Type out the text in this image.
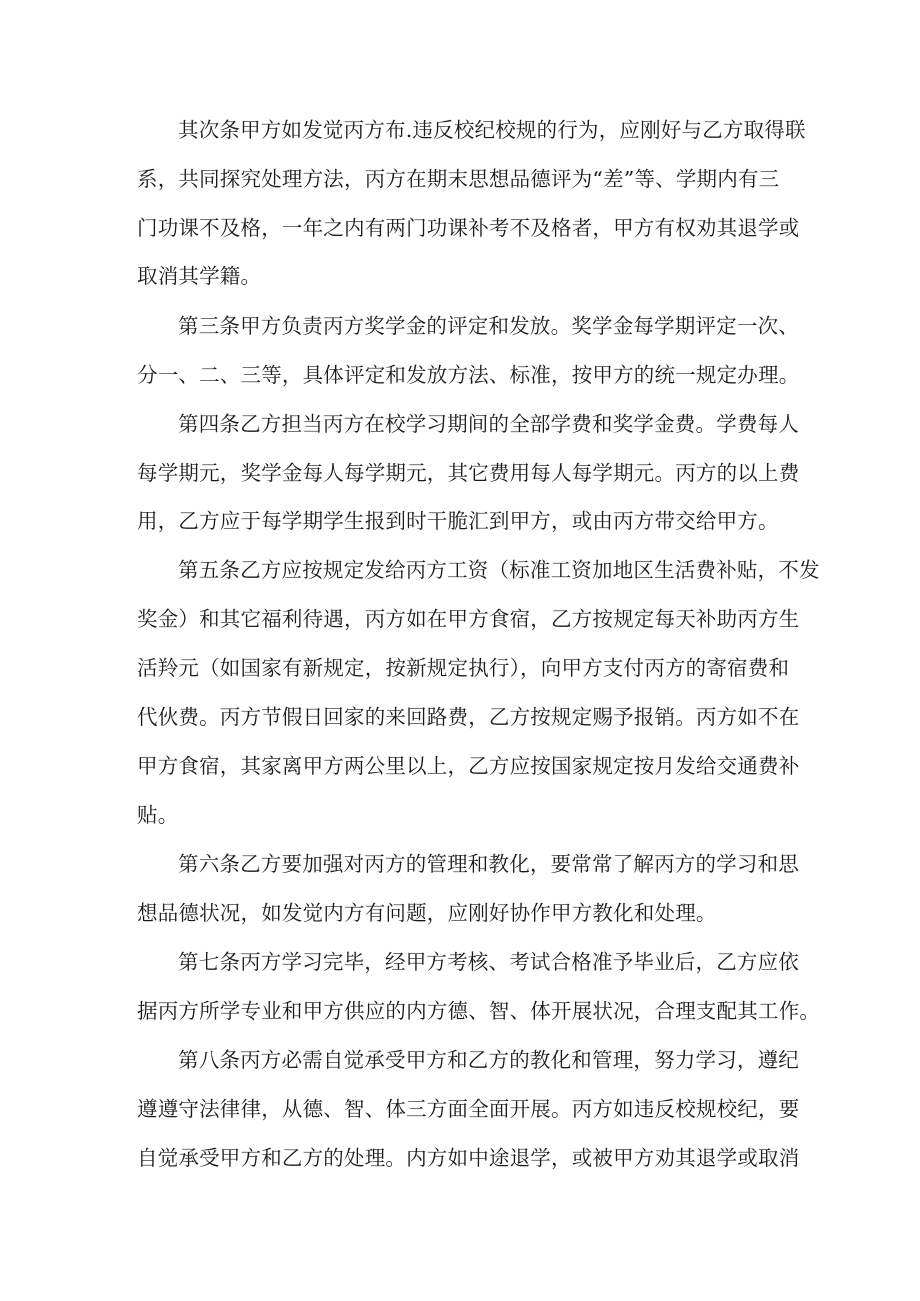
其次条甲方如发觉丙方布.违反校纪校规的行为，应刚好与乙方取得联
系，共同探究处理方法，丙方在期末思想品德评为“差”等、学期内有三
门功课不及格，一年之内有两门功课补考不及格者，甲方有权劝其退学或
取消其学籍。
第三条甲方负责丙方奖学金的评定和发放。奖学金每学期评定一次、
分一、二、三等，具体评定和发放方法、标准，按甲方的统一规定办理。
第四条乙方担当丙方在校学习期间的全部学费和奖学金费。学费每人
每学期元，奖学金每人每学期元，其它费用每人每学期元。丙方的以上费
用，乙方应于每学期学生报到时干脆汇到甲方，或由丙方带交给甲方。
第五条乙方应按规定发给丙方工资（标准工资加地区生活费补贴，不发
奖金）和其它福利待遇，丙方如在甲方食宿，乙方按规定每天补助丙方生
活羚元（如国家有新规定，按新规定执行），向甲方支付丙方的寄宿费和
代伙费。丙方节假日回家的来回路费，乙方按规定赐予报销。丙方如不在
甲方食宿，其家离甲方两公里以上，乙方应按国家规定按月发给交通费补
贴。
第六条乙方要加强对丙方的管理和教化，要常常了解丙方的学习和思
想品德状况，如发觉内方有问题，应刚好协作甲方教化和处理。
第七条丙方学习完毕，经甲方考核、考试合格准予毕业后，乙方应依
据丙方所学专业和甲方供应的内方德、智、体开展状况，合理支配其工作。
第八条丙方必需自觉承受甲方和乙方的教化和管理，努力学习，遵纪
遵遵守法律律，从德、智、体三方面全面开展。丙方如违反校规校纪，要
自觉承受甲方和乙方的处理。内方如中途退学，或被甲方劝其退学或取消
